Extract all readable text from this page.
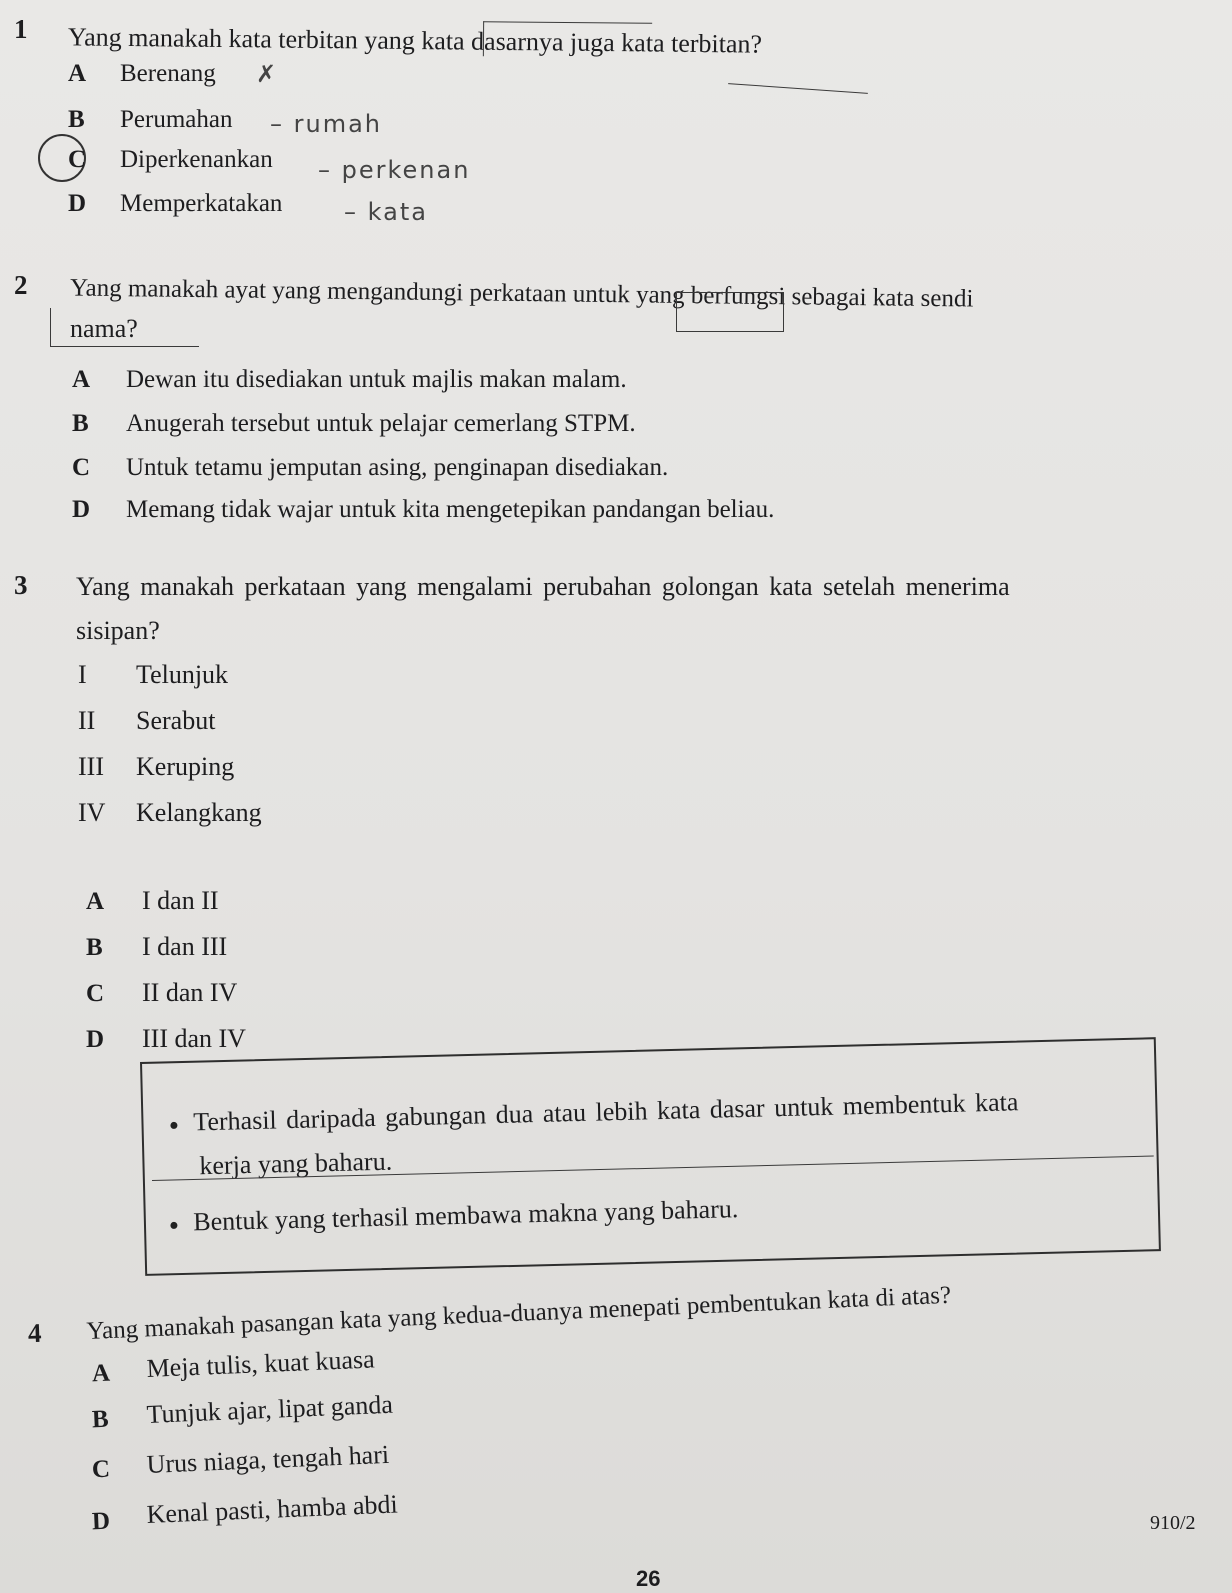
1 Yang manakah kata terbitan yang kata dasarnya juga kata terbitan?
A Berenang ✗
B Perumahan – rumah
C Diperkenankan – perkenan
D Memperkatakan	– kata
2 Yang manakah ayat yang mengandungi perkataan untuk yang berfungsi sebagai kata sendi
nama?
A Dewan itu disediakan untuk majlis makan malam.
B Anugerah tersebut untuk pelajar cemerlang STPM.
C Untuk tetamu jemputan asing, penginapan disediakan.
D Memang tidak wajar untuk kita mengetepikan pandangan beliau.
3 Yang manakah perkataan yang mengalami perubahan golongan kata setelah menerima
sisipan?
I Telunjuk
II Serabut
III Keruping
IV Kelangkang
A I dan II
B I dan III
C II dan IV
D III dan IV
Terhasil daripada gabungan dua atau lebih kata dasar untuk membentuk kata
kerja yang baharu.
Bentuk yang terhasil membawa makna yang baharu.
4 Yang manakah pasangan kata yang kedua-duanya menepati pembentukan kata di atas?
A Meja tulis, kuat kuasa
B Tunjuk ajar, lipat ganda
C Urus niaga, tengah hari
D Kenal pasti, hamba abdi	910/2
26
